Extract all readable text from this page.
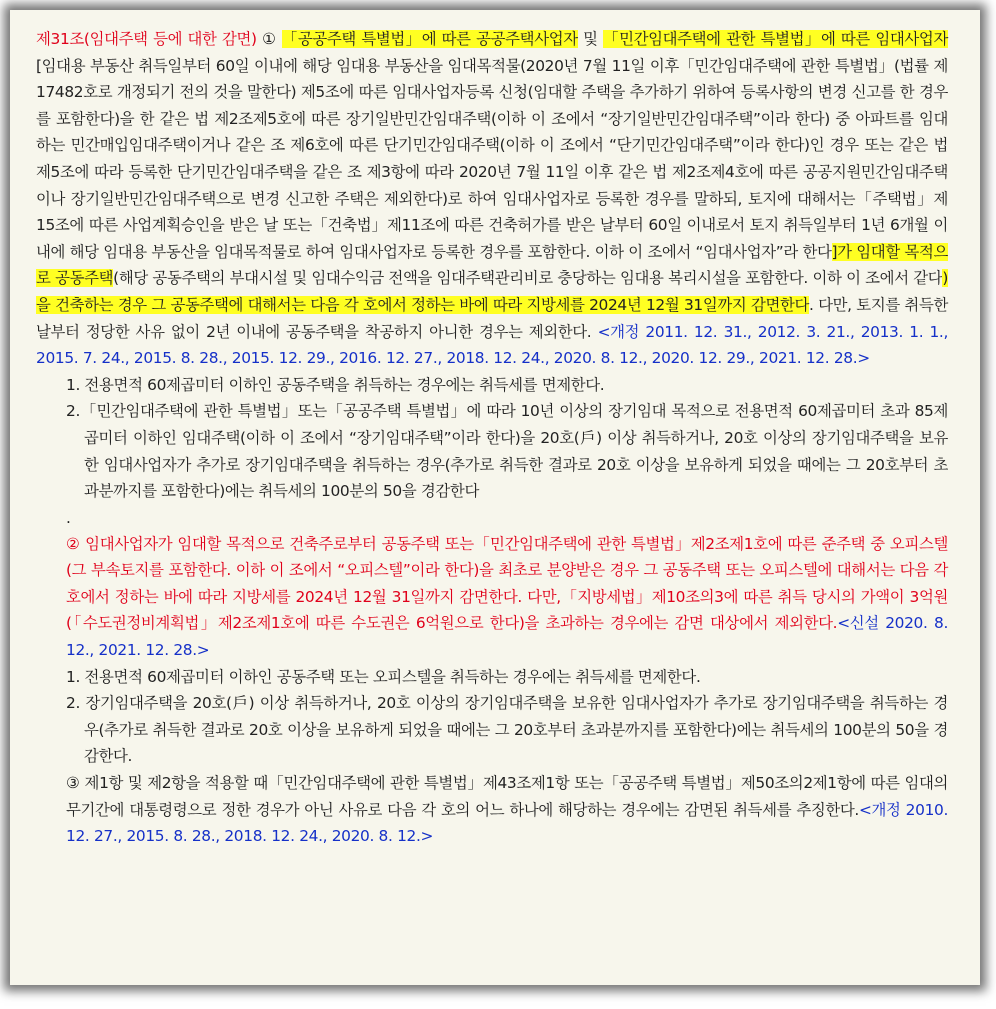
제31조(임대주택 등에 대한 감면) ① 「공공주택 특별법」에 따른 공공주택사업자 및 「민간임대주택에 관한 특별법」에 따른 임대사업자[임대용 부동산 취득일부터 60일 이내에 해당 임대용 부동산을 임대목적물(2020년 7월 11일 이후「민간임대주택에 관한 특별법」(법률 제17482호로 개정되기 전의 것을 말한다) 제5조에 따른 임대사업자등록 신청(임대할 주택을 추가하기 위하여 등록사항의 변경 신고를 한 경우를 포함한다)을 한 같은 법 제2조제5호에 따른 장기일반민간임대주택(이하 이 조에서 “장기일반민간임대주택”이라 한다) 중 아파트를 임대하는 민간매입임대주택이거나 같은 조 제6호에 따른 단기민간임대주택(이하 이 조에서 “단기민간임대주택”이라 한다)인 경우 또는 같은 법 제5조에 따라 등록한 단기민간임대주택을 같은 조 제3항에 따라 2020년 7월 11일 이후 같은 법 제2조제4호에 따른 공공지원민간임대주택이나 장기일반민간임대주택으로 변경 신고한 주택은 제외한다)로 하여 임대사업자로 등록한 경우를 말하되, 토지에 대해서는「주택법」제15조에 따른 사업계획승인을 받은 날 또는「건축법」제11조에 따른 건축허가를 받은 날부터 60일 이내로서 토지 취득일부터 1년 6개월 이내에 해당 임대용 부동산을 임대목적물로 하여 임대사업자로 등록한 경우를 포함한다. 이하 이 조에서 “임대사업자”라 한다]가 임대할 목적으로 공동주택(해당 공동주택의 부대시설 및 임대수익금 전액을 임대주택관리비로 충당하는 임대용 복리시설을 포함한다. 이하 이 조에서 같다)을 건축하는 경우 그 공동주택에 대해서는 다음 각 호에서 정하는 바에 따라 지방세를 2024년 12월 31일까지 감면한다. 다만, 토지를 취득한 날부터 정당한 사유 없이 2년 이내에 공동주택을 착공하지 아니한 경우는 제외한다. <개정 2011. 12. 31., 2012. 3. 21., 2013. 1. 1., 2015. 7. 24., 2015. 8. 28., 2015. 12. 29., 2016. 12. 27., 2018. 12. 24., 2020. 8. 12., 2020. 12. 29., 2021. 12. 28.>

1. 전용면적 60제곱미터 이하인 공동주택을 취득하는 경우에는 취득세를 면제한다.

2.「민간임대주택에 관한 특별법」또는「공공주택 특별법」에 따라 10년 이상의 장기임대 목적으로 전용면적 60제곱미터 초과 85제곱미터 이하인 임대주택(이하 이 조에서 “장기임대주택”이라 한다)을 20호(戶) 이상 취득하거나, 20호 이상의 장기임대주택을 보유한 임대사업자가 추가로 장기임대주택을 취득하는 경우(추가로 취득한 결과로 20호 이상을 보유하게 되었을 때에는 그 20호부터 초과분까지를 포함한다)에는 취득세의 100분의 50을 경감한다

.

② 임대사업자가 임대할 목적으로 건축주로부터 공동주택 또는「민간임대주택에 관한 특별법」제2조제1호에 따른 준주택 중 오피스텔(그 부속토지를 포함한다. 이하 이 조에서 “오피스텔”이라 한다)을 최초로 분양받은 경우 그 공동주택 또는 오피스텔에 대해서는 다음 각 호에서 정하는 바에 따라 지방세를 2024년 12월 31일까지 감면한다. 다만,「지방세법」제10조의3에 따른 취득 당시의 가액이 3억원(「수도권정비계획법」제2조제1호에 따른 수도권은 6억원으로 한다)을 초과하는 경우에는 감면 대상에서 제외한다.<신설 2020. 8. 12., 2021. 12. 28.>

1. 전용면적 60제곱미터 이하인 공동주택 또는 오피스텔을 취득하는 경우에는 취득세를 면제한다.

2. 장기임대주택을 20호(戶) 이상 취득하거나, 20호 이상의 장기임대주택을 보유한 임대사업자가 추가로 장기임대주택을 취득하는 경우(추가로 취득한 결과로 20호 이상을 보유하게 되었을 때에는 그 20호부터 초과분까지를 포함한다)에는 취득세의 100분의 50을 경감한다.

③ 제1항 및 제2항을 적용할 때「민간임대주택에 관한 특별법」제43조제1항 또는「공공주택 특별법」제50조의2제1항에 따른 임대의무기간에 대통령령으로 정한 경우가 아닌 사유로 다음 각 호의 어느 하나에 해당하는 경우에는 감면된 취득세를 추징한다.<개정 2010. 12. 27., 2015. 8. 28., 2018. 12. 24., 2020. 8. 12.>
